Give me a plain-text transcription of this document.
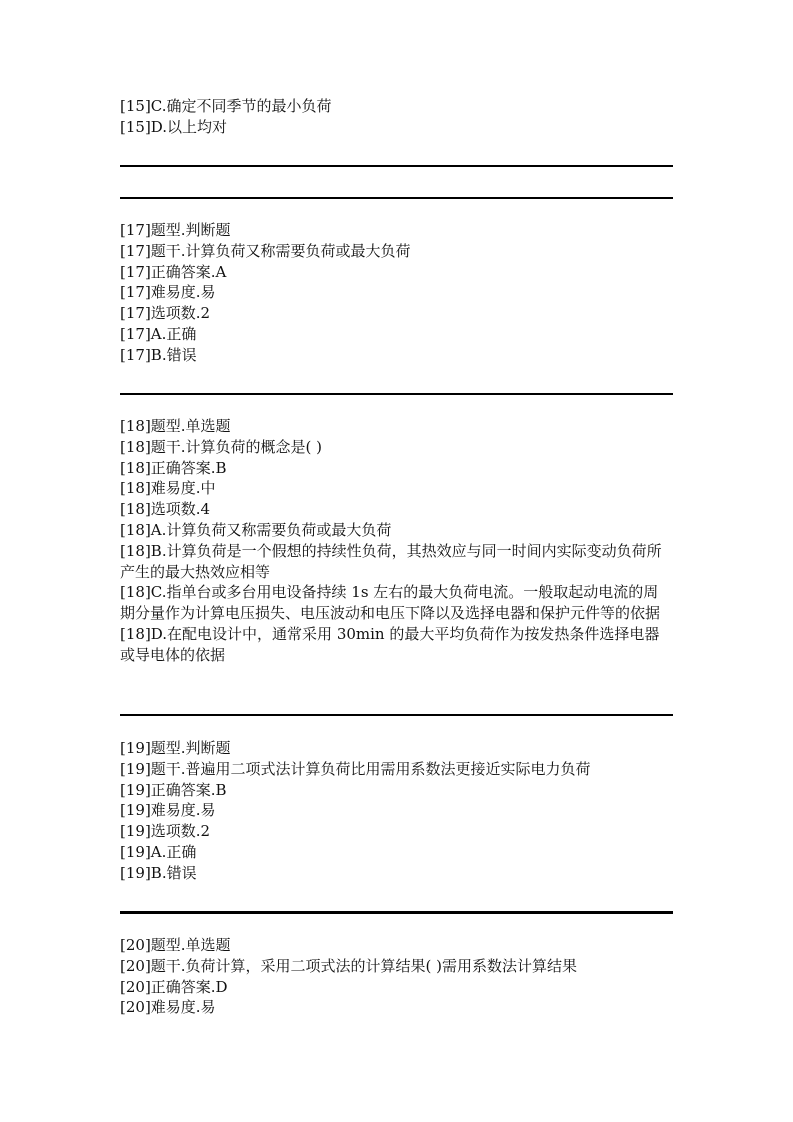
[15]C.确定不同季节的最小负荷

[15]D.以上均对

[17]题型.判断题

[17]题干.计算负荷又称需要负荷或最大负荷

[17]正确答案.A

[17]难易度.易

[17]选项数.2

[17]A.正确

[17]B.错误

[18]题型.单选题

[18]题干.计算负荷的概念是( )

[18]正确答案.B

[18]难易度.中

[18]选项数.4

[18]A.计算负荷又称需要负荷或最大负荷

[18]B.计算负荷是一个假想的持续性负荷，其热效应与同一时间内实际变动负荷所产生的最大热效应相等

[18]C.指单台或多台用电设备持续 1s 左右的最大负荷电流。一般取起动电流的周期分量作为计算电压损失、电压波动和电压下降以及选择电器和保护元件等的依据

[18]D.在配电设计中，通常采用 30min 的最大平均负荷作为按发热条件选择电器或导电体的依据

[19]题型.判断题

[19]题干.普遍用二项式法计算负荷比用需用系数法更接近实际电力负荷

[19]正确答案.B

[19]难易度.易

[19]选项数.2

[19]A.正确

[19]B.错误

[20]题型.单选题

[20]题干.负荷计算，采用二项式法的计算结果( )需用系数法计算结果

[20]正确答案.D

[20]难易度.易
